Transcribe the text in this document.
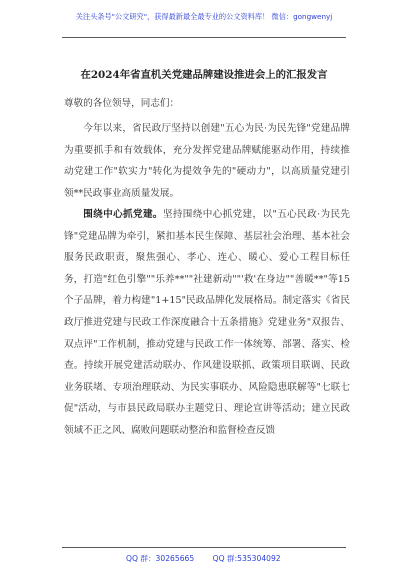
关注头条号"公文研究"，获得最新最全最专业的公文资料库！ 微信：gongwenyj
在2024年省直机关党建品牌建设推进会上的汇报发言
尊敬的各位领导，同志们：

今年以来，省民政厅坚持以创建"五心为民·为民先锋"党建品牌为重要抓手和有效载体，充分发挥党建品牌赋能驱动作用，持续推动党建工作"软实力"转化为提效争先的"硬动力"，以高质量党建引领**民政事业高质量发展。

围绕中心抓党建。坚持围绕中心抓党建，以"五心民政·为民先锋"党建品牌为牵引，紧扣基本民生保障、基层社会治理、基本社会服务民政职责，聚焦强心、孝心、连心、暖心、爱心工程目标任务，打造"红色引擎""乐养**""社建新动""'救'在身边""善暖**"等15个子品牌，着力构建"1+15"民政品牌化发展格局。制定落实《省民政厅推进党建与民政工作深度融合十五条措施》党建业务"双报告、双点评"工作机制，推动党建与民政工作一体统筹、部署、落实、检查。持续开展党建活动联办、作风建设联抓、政策项目联调、民政业务联堵、专项治理联动、为民实事联办、风险隐患联解等"七联七促"活动，与市县民政局联办主题党日、理论宣讲等活动；建立民政领域不正之风、腐败问题联动整治和监督检查反馈

QQ 群：30265665 QQ 群:535304092
